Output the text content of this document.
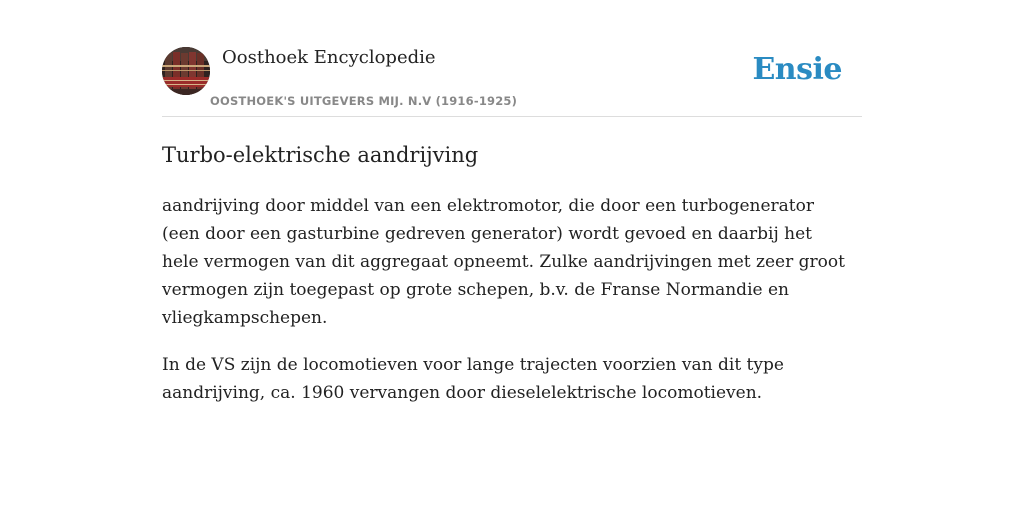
Oosthoek Encyclopedie
OOSTHOEK'S UITGEVERS MIJ. N.V (1916-1925)
Ensie
Turbo-elektrische aandrijving

aandrijving door middel van een elektromotor, die door een turbogenerator (een door een gasturbine gedreven generator) wordt gevoed en daarbij het hele vermogen van dit aggregaat opneemt. Zulke aandrijvingen met zeer groot vermogen zijn toegepast op grote schepen, b.v. de Franse Normandie en vliegkampschepen.

In de VS zijn de locomotieven voor lange trajecten voorzien van dit type aandrijving, ca. 1960 vervangen door dieselelektrische locomotieven.
